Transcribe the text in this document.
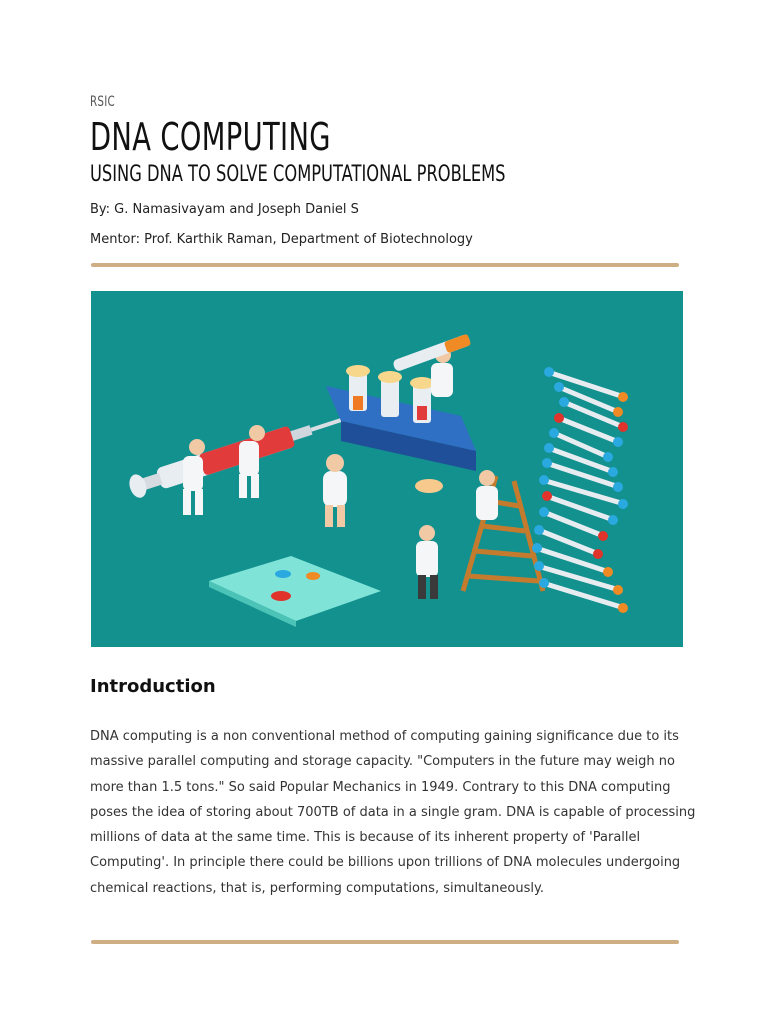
RSIC
DNA COMPUTING
USING DNA TO SOLVE COMPUTATIONAL PROBLEMS
By: G. Namasivayam and Joseph Daniel S
Mentor: Prof. Karthik Raman, Department of Biotechnology
Introduction

DNA computing is a non conventional method of computing gaining significance due to its massive parallel computing and storage capacity. "Computers in the future may weigh no more than 1.5 tons." So said Popular Mechanics in 1949. Contrary to this DNA computing poses the idea of storing about 700TB of data in a single gram. DNA is capable of processing millions of data at the same time. This is because of its inherent property of 'Parallel Computing'. In principle there could be billions upon trillions of DNA molecules undergoing chemical reactions, that is, performing computations, simultaneously.
